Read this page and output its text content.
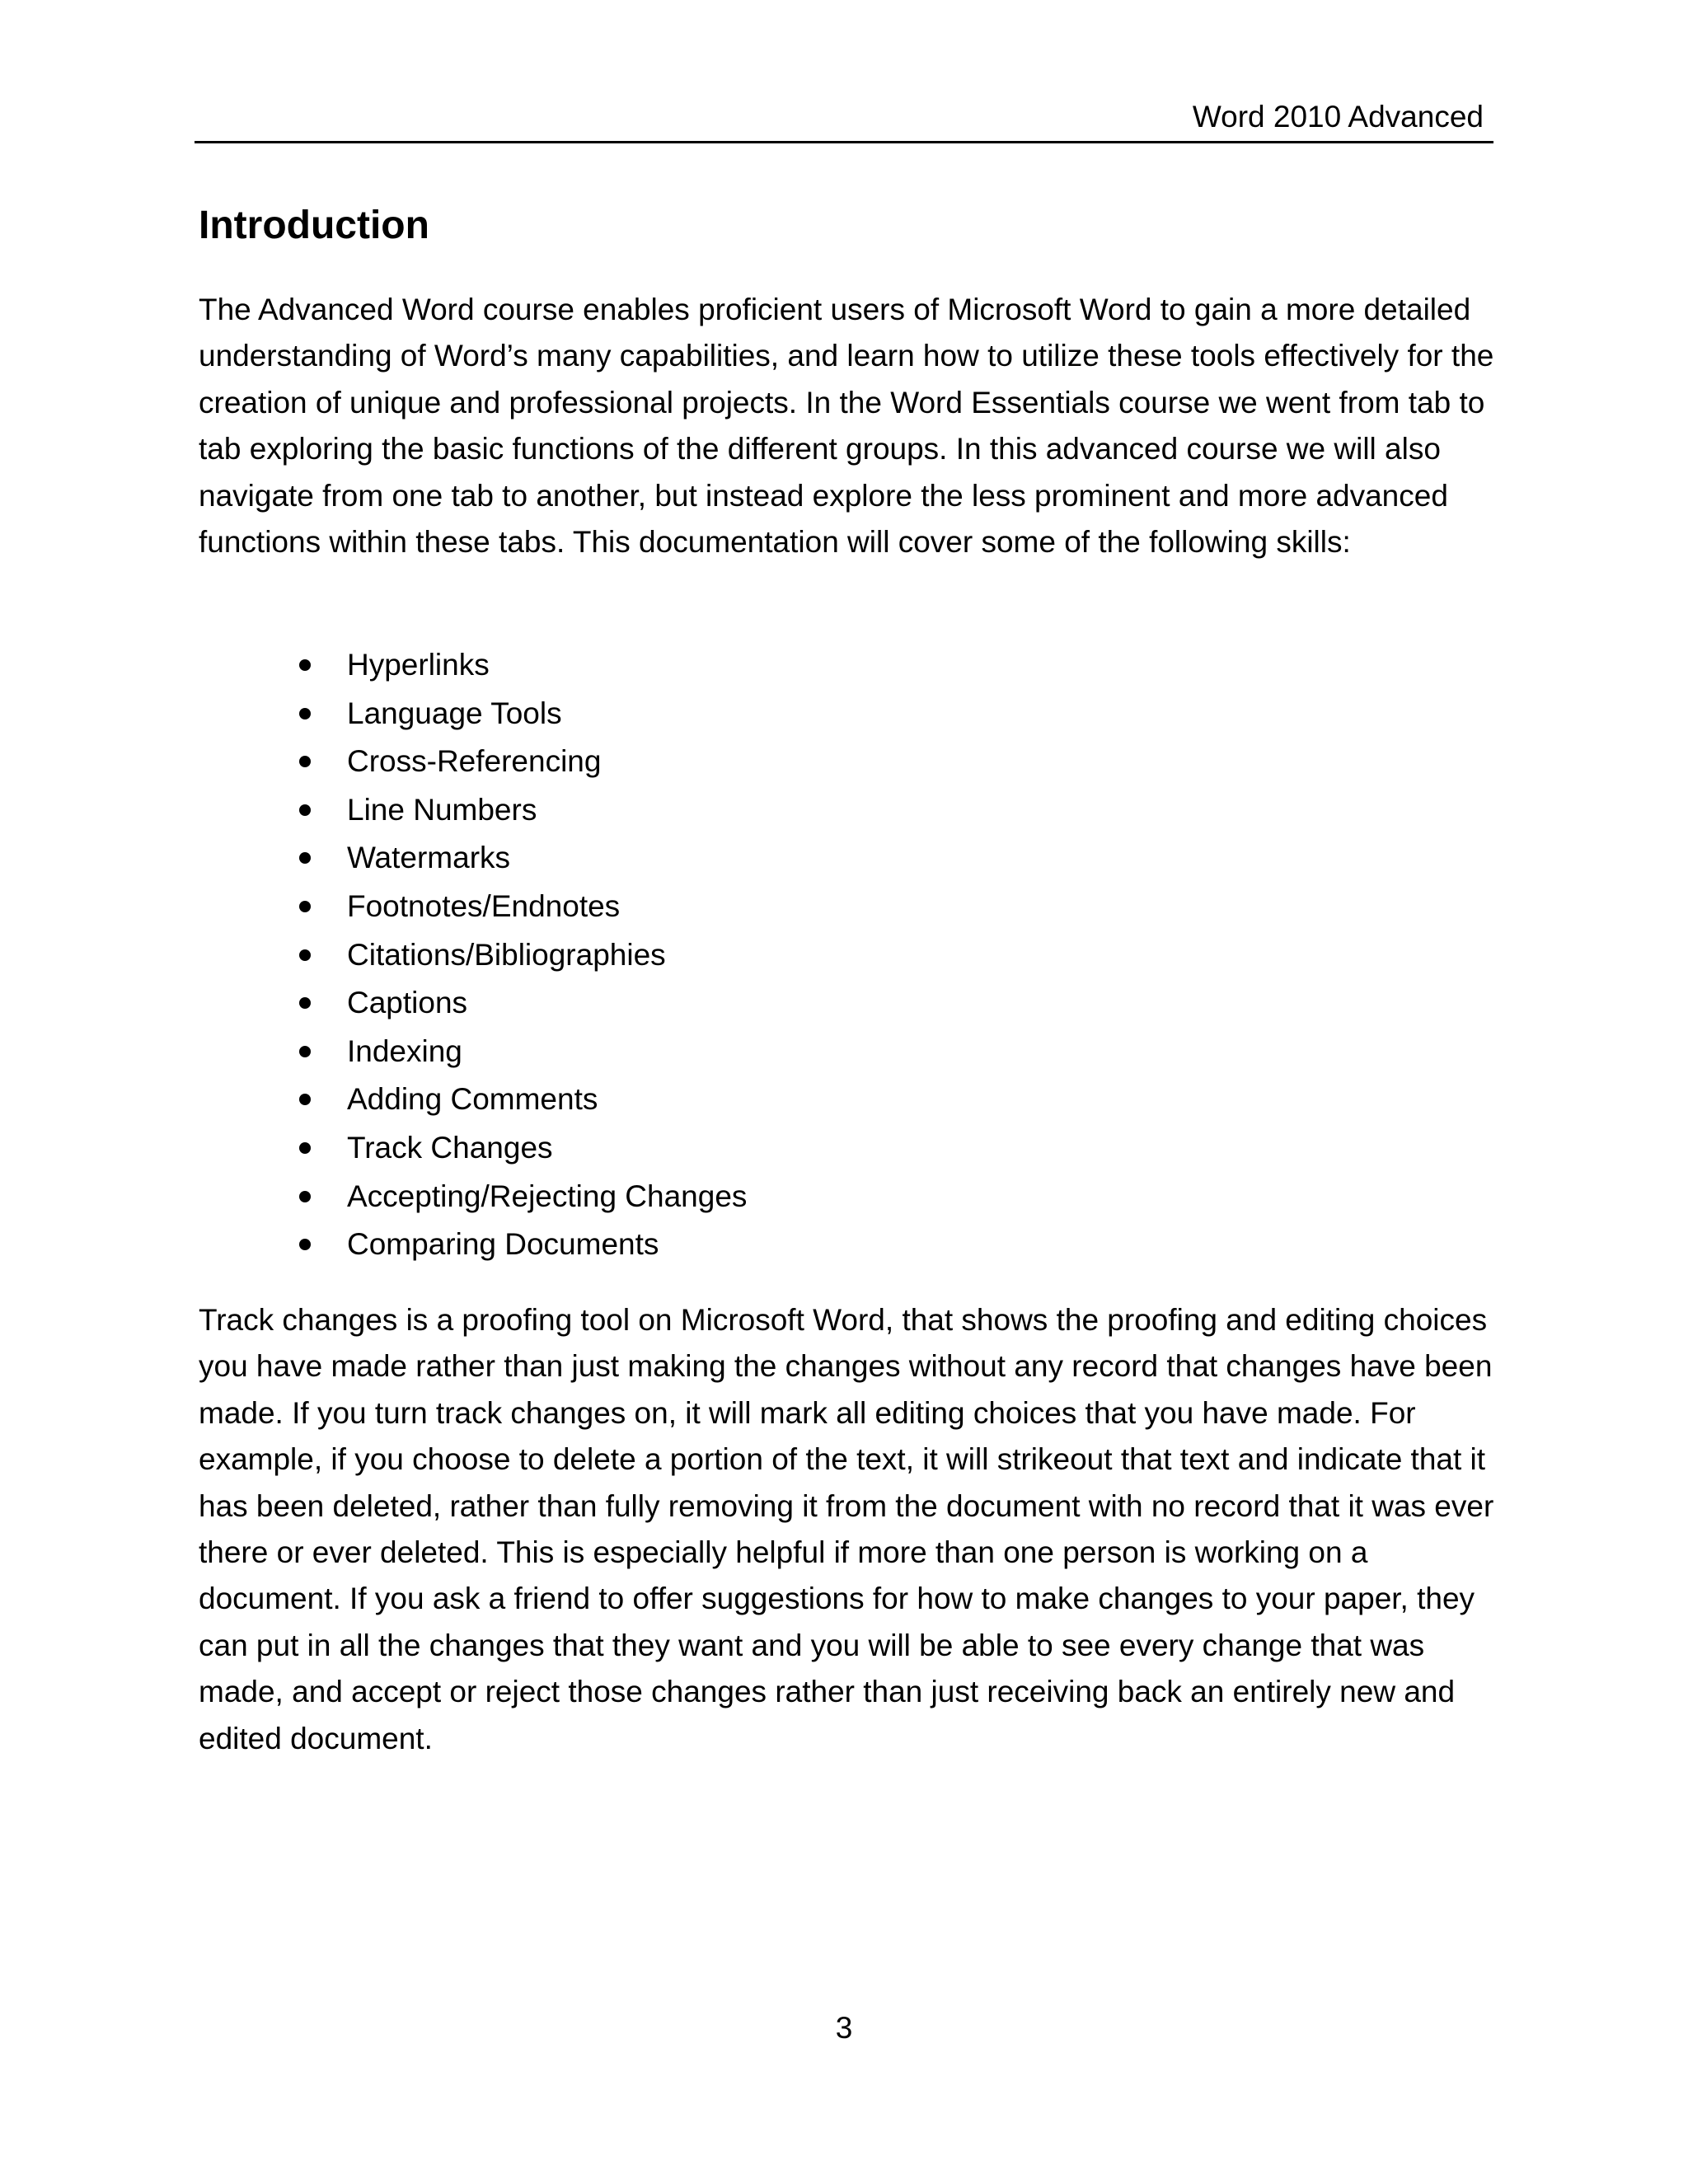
Word 2010 Advanced
Introduction

The Advanced Word course enables proficient users of Microsoft Word to gain a more detailed understanding of Word’s many capabilities, and learn how to utilize these tools effectively for the creation of unique and professional projects. In the Word Essentials course we went from tab to tab exploring the basic functions of the different groups. In this advanced course we will also navigate from one tab to another, but instead explore the less prominent and more advanced functions within these tabs. This documentation will cover some of the following skills:

Hyperlinks
Language Tools
Cross-Referencing
Line Numbers
Watermarks
Footnotes/Endnotes
Citations/Bibliographies
Captions
Indexing
Adding Comments
Track Changes
Accepting/Rejecting Changes
Comparing Documents

Track changes is a proofing tool on Microsoft Word, that shows the proofing and editing choices you have made rather than just making the changes without any record that changes have been made. If you turn track changes on, it will mark all editing choices that you have made. For example, if you choose to delete a portion of the text, it will strikeout that text and indicate that it has been deleted, rather than fully removing it from the document with no record that it was ever there or ever deleted. This is especially helpful if more than one person is working on a document. If you ask a friend to offer suggestions for how to make changes to your paper, they can put in all the changes that they want and you will be able to see every change that was made, and accept or reject those changes rather than just receiving back an entirely new and edited document.

3
